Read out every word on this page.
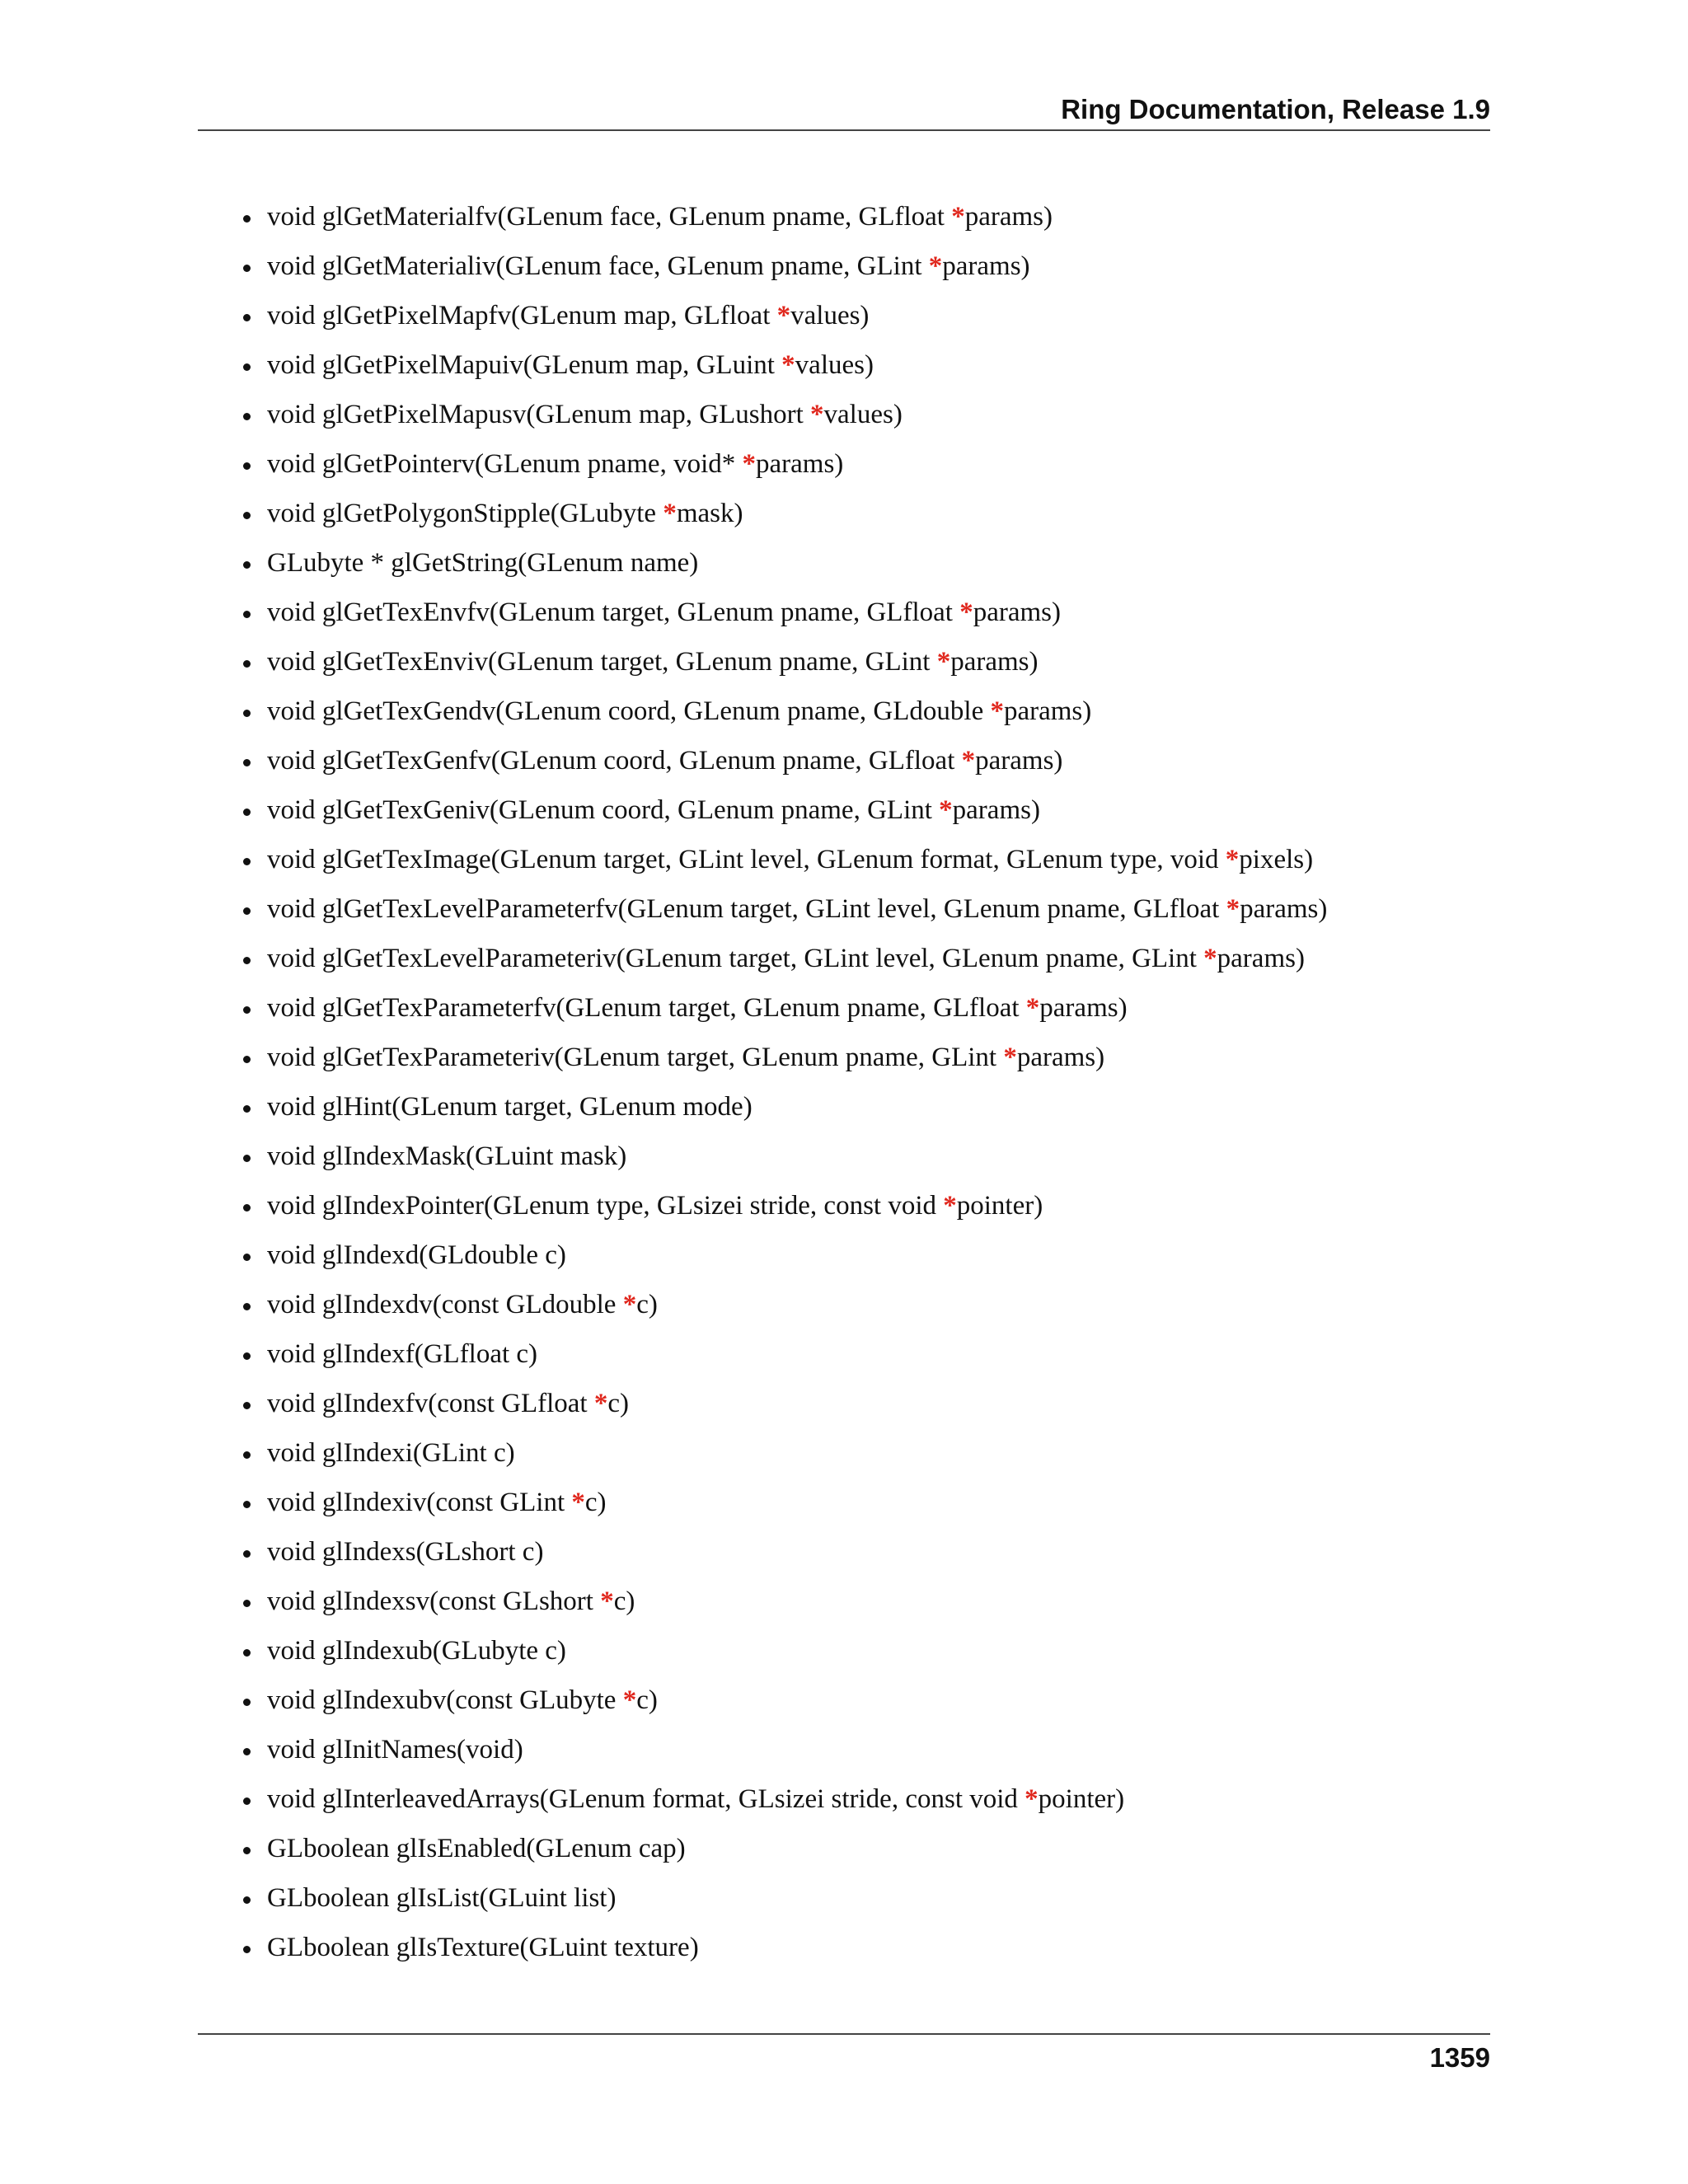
Ring Documentation, Release 1.9
void glGetMaterialfv(GLenum face, GLenum pname, GLfloat *params)
void glGetMaterialiv(GLenum face, GLenum pname, GLint *params)
void glGetPixelMapfv(GLenum map, GLfloat *values)
void glGetPixelMapuiv(GLenum map, GLuint *values)
void glGetPixelMapusv(GLenum map, GLushort *values)
void glGetPointerv(GLenum pname, void* *params)
void glGetPolygonStipple(GLubyte *mask)
GLubyte * glGetString(GLenum name)
void glGetTexEnvfv(GLenum target, GLenum pname, GLfloat *params)
void glGetTexEnviv(GLenum target, GLenum pname, GLint *params)
void glGetTexGendv(GLenum coord, GLenum pname, GLdouble *params)
void glGetTexGenfv(GLenum coord, GLenum pname, GLfloat *params)
void glGetTexGeniv(GLenum coord, GLenum pname, GLint *params)
void glGetTexImage(GLenum target, GLint level, GLenum format, GLenum type, void *pixels)
void glGetTexLevelParameterfv(GLenum target, GLint level, GLenum pname, GLfloat *params)
void glGetTexLevelParameteriv(GLenum target, GLint level, GLenum pname, GLint *params)
void glGetTexParameterfv(GLenum target, GLenum pname, GLfloat *params)
void glGetTexParameteriv(GLenum target, GLenum pname, GLint *params)
void glHint(GLenum target, GLenum mode)
void glIndexMask(GLuint mask)
void glIndexPointer(GLenum type, GLsizei stride, const void *pointer)
void glIndexd(GLdouble c)
void glIndexdv(const GLdouble *c)
void glIndexf(GLfloat c)
void glIndexfv(const GLfloat *c)
void glIndexi(GLint c)
void glIndexiv(const GLint *c)
void glIndexs(GLshort c)
void glIndexsv(const GLshort *c)
void glIndexub(GLubyte c)
void glIndexubv(const GLubyte *c)
void glInitNames(void)
void glInterleavedArrays(GLenum format, GLsizei stride, const void *pointer)
GLboolean glIsEnabled(GLenum cap)
GLboolean glIsList(GLuint list)
GLboolean glIsTexture(GLuint texture)
1359
